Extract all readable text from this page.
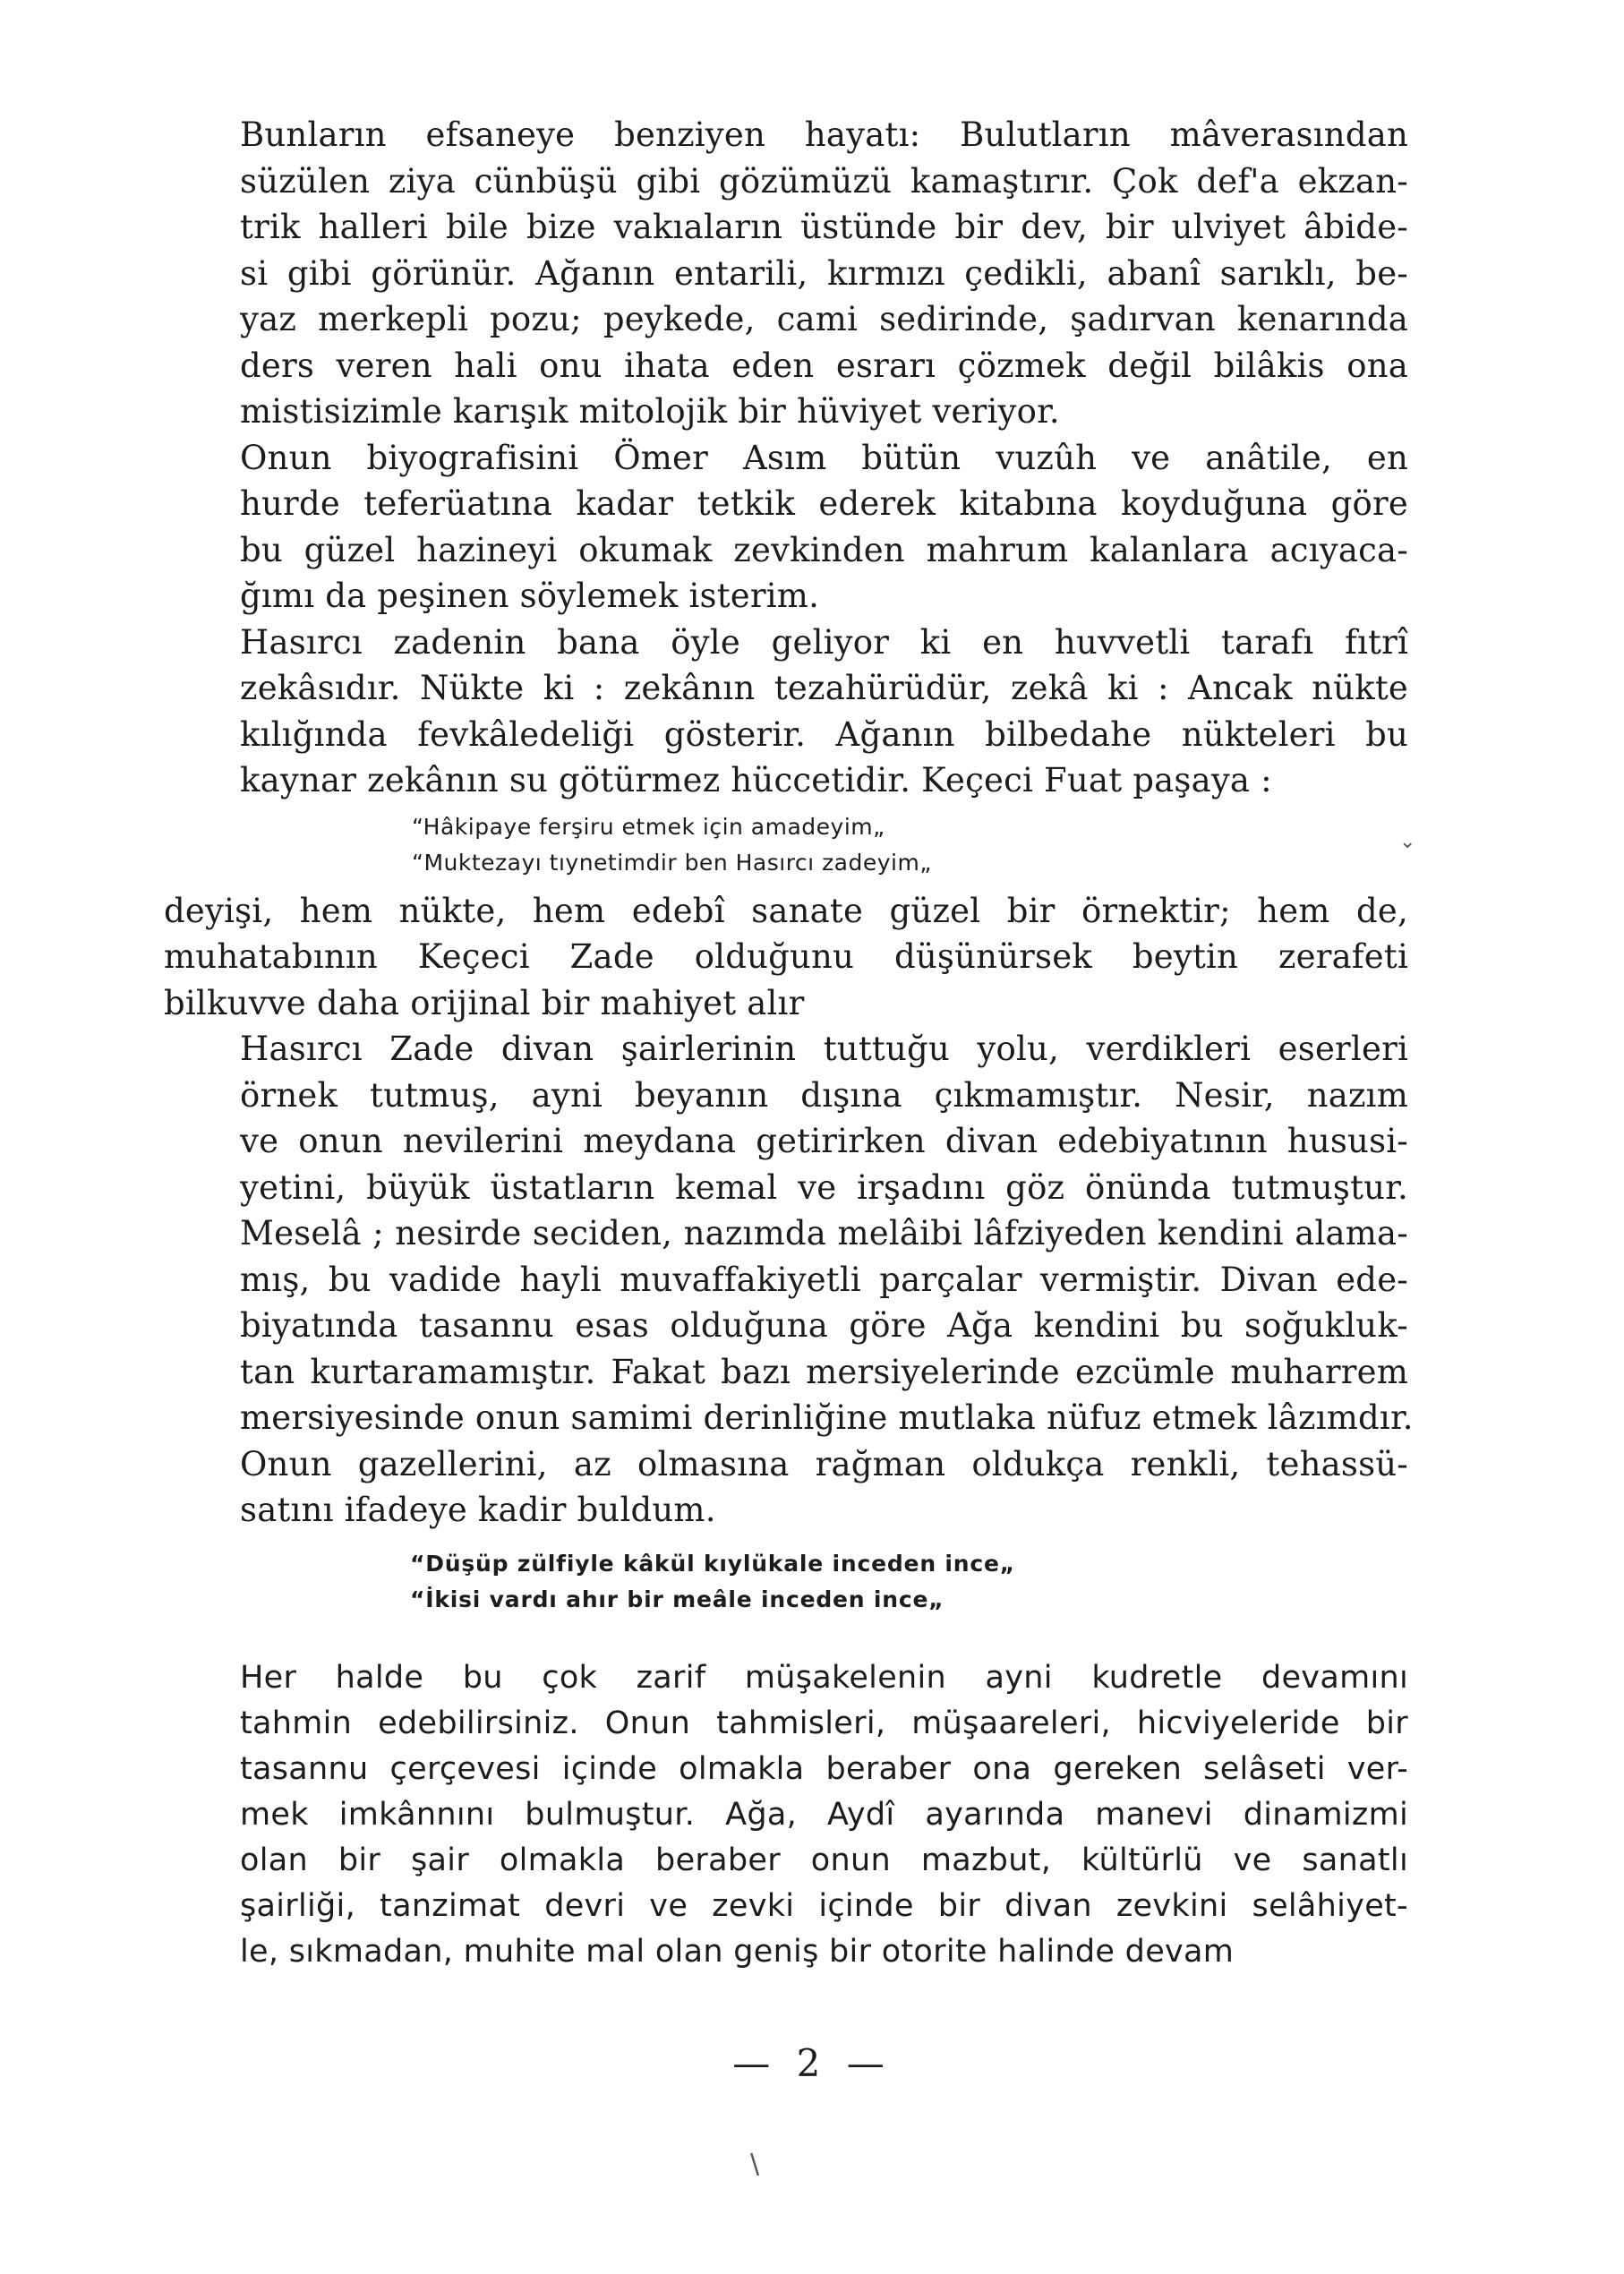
Bunların efsaneye benziyen hayatı: Bulutların mâverasından
süzülen ziya cünbüşü gibi gözümüzü kamaştırır. Çok def'a ekzan-
trik halleri bile bize vakıaların üstünde bir dev, bir ulviyet âbide-
si gibi görünür. Ağanın entarili, kırmızı çedikli, abanî sarıklı, be-
yaz merkepli pozu; peykede, cami sedirinde, şadırvan kenarında
ders veren hali onu ihata eden esrarı çözmek değil bilâkis ona
mistisizimle karışık mitolojik bir hüviyet veriyor.

Onun biyografisini Ömer Asım bütün vuzûh ve anâtile, en
hurde teferüatına kadar tetkik ederek kitabına koyduğuna göre
bu güzel hazineyi okumak zevkinden mahrum kalanlara acıyaca-
ğımı da peşinen söylemek isterim.

Hasırcı zadenin bana öyle geliyor ki en huvvetli tarafı fıtrî
zekâsıdır. Nükte ki : zekânın tezahürüdür, zekâ ki : Ancak nükte
kılığında fevkâledeliği gösterir. Ağanın bilbedahe nükteleri bu
kaynar zekânın su götürmez hüccetidir. Keçeci Fuat paşaya :

“Hâkipaye ferşiru etmek için amadeyim„
“Muktezayı tıynetimdir ben Hasırcı zadeyim„

deyişi, hem nükte, hem edebî sanate güzel bir örnektir; hem de,
muhatabının Keçeci Zade olduğunu düşünürsek beytin zerafeti
bilkuvve daha orijinal bir mahiyet alır

Hasırcı Zade divan şairlerinin tuttuğu yolu, verdikleri eserleri
örnek tutmuş, ayni beyanın dışına çıkmamıştır. Nesir, nazım
ve onun nevilerini meydana getirirken divan edebiyatının hususi-
yetini, büyük üstatların kemal ve irşadını göz önünda tutmuştur.
Meselâ ; nesirde seciden, nazımda melâibi lâfziyeden kendini alama-
mış, bu vadide hayli muvaffakiyetli parçalar vermiştir. Divan ede-
biyatında tasannu esas olduğuna göre Ağa kendini bu soğukluk-
tan kurtaramamıştır. Fakat bazı mersiyelerinde ezcümle muharrem
mersiyesinde onun samimi derinliğine mutlaka nüfuz etmek lâzımdır.

Onun gazellerini, az olmasına rağman oldukça renkli, tehassü-
satını ifadeye kadir buldum.

“Düşüp zülfiyle kâkül kıylükale inceden ince„
“İkisi vardı ahır bir meâle inceden ince„

Her halde bu çok zarif müşakelenin ayni kudretle devamını
tahmin edebilirsiniz. Onun tahmisleri, müşaareleri, hicviyeleride bir
tasannu çerçevesi içinde olmakla beraber ona gereken selâseti ver-
mek imkânnını bulmuştur. Ağa, Aydî ayarında manevi dinamizmi
olan bir şair olmakla beraber onun mazbut, kültürlü ve sanatlı
şairliği, tanzimat devri ve zevki içinde bir divan zevkini selâhiyet-
le, sıkmadan, muhite mal olan geniş bir otorite halinde devam

— 2 —
⌄
\
